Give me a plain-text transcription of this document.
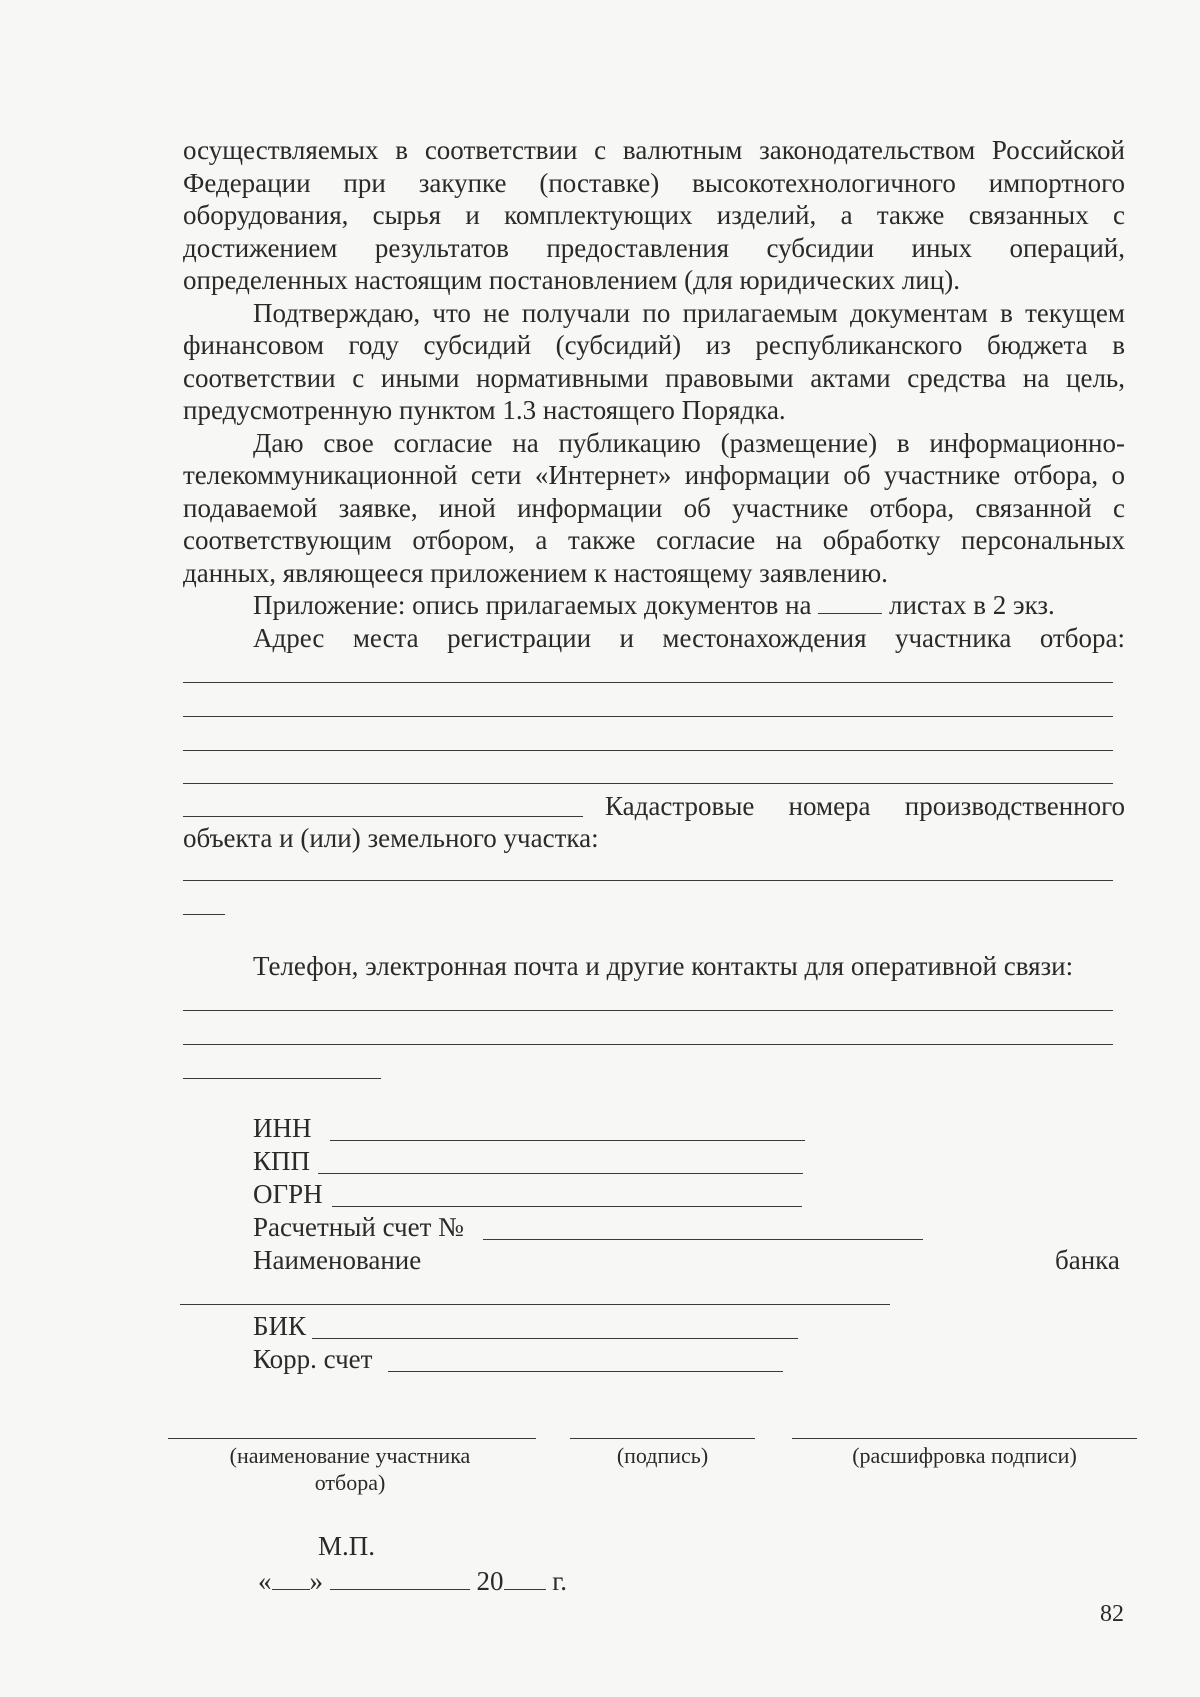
осуществляемых в соответствии с валютным законодательством Российской Федерации при закупке (поставке) высокотехнологичного импортного оборудования, сырья и комплектующих изделий, а также связанных с достижением результатов предоставления субсидии иных операций, определенных настоящим постановлением (для юридических лиц).

Подтверждаю, что не получали по прилагаемым документам в текущем финансовом году субсидий (субсидий) из республиканского бюджета в соответствии с иными нормативными правовыми актами средства на цель, предусмотренную пунктом 1.3 настоящего Порядка.

Даю свое согласие на публикацию (размещение) в информационно-телекоммуникационной сети «Интернет» информации об участнике отбора, о подаваемой заявке, иной информации об участнике отбора, связанной с соответствующим отбором, а также согласие на обработку персональных данных, являющееся приложением к настоящему заявлению.

Приложение: опись прилагаемых документов на	листах в 2 экз.

Адрес места регистрации и местонахождения участника отбора:

Кадастровые номера производственного
объекта и (или) земельного участка:
Телефон, электронная почта и другие контакты для оперативной связи:
ИНН
КПП
ОГРН
Расчетный счет №
Наименование	банка
БИК
Корр. счет
(наименование участника
отбора)
(подпись)	(расшифровка подписи)
М.П.
« »	20 г.
82
